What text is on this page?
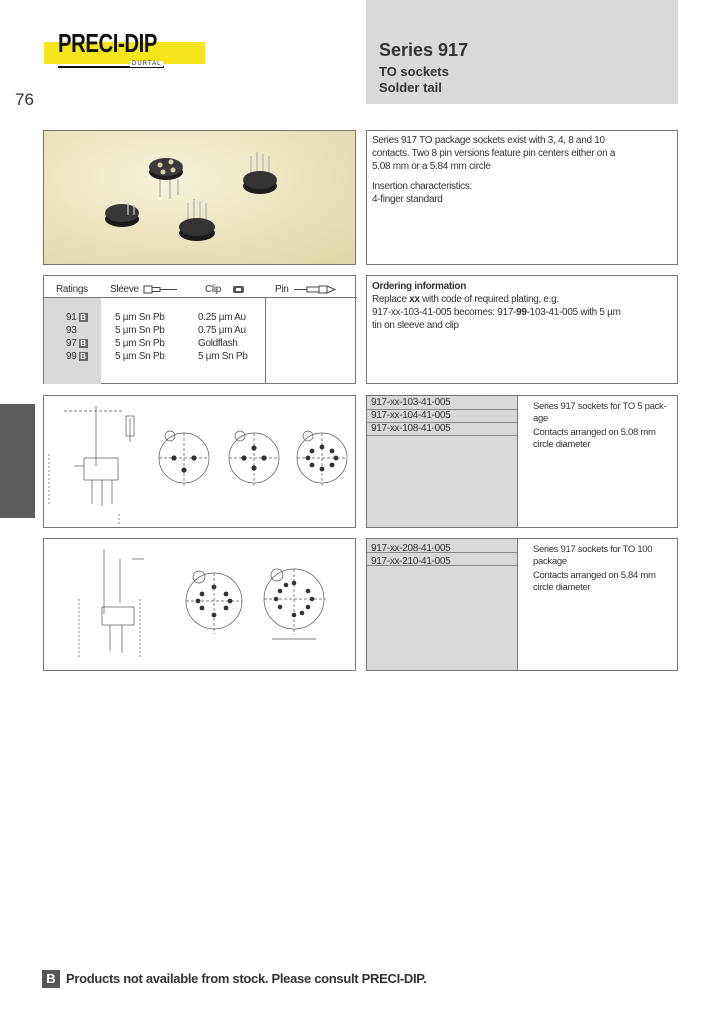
PRECI-DIP
DURTAL
76
Series 917
TO sockets
Solder tail
Series 917 TO package sockets exist with 3, 4, 8 and 10
contacts. Two 8 pin versions feature pin centers either on a
5.08 mm or a 5.84 mm circle
Insertion characteristics:
4-finger standard
Ratings Sleeve	Clip	Pin
91 B	5 µm Sn Pb	0.25 µm Au
93	5 µm Sn Pb	0.75 µm Au
97 B	5 µm Sn Pb	Goldflash
99 B	5 µm Sn Pb	5 µm Sn Pb
Ordering information
Replace xx with code of required plating, e.g.
917-xx-103-41-005 becomes: 917-99-103-41-005 with 5 µm
tin on sleeve and clip
917-xx-103-41-005
917-xx-104-41-005
917-xx-108-41-005
Series 917 sockets for TO 5 pack-
age
Contacts arranged on 5.08 mm
circle diameter
917-xx-208-41-005
917-xx-210-41-005
Series 917 sockets for TO 100
package
Contacts arranged on 5.84 mm
circle diameter
B Products not available from stock. Please consult PRECI-DIP.
